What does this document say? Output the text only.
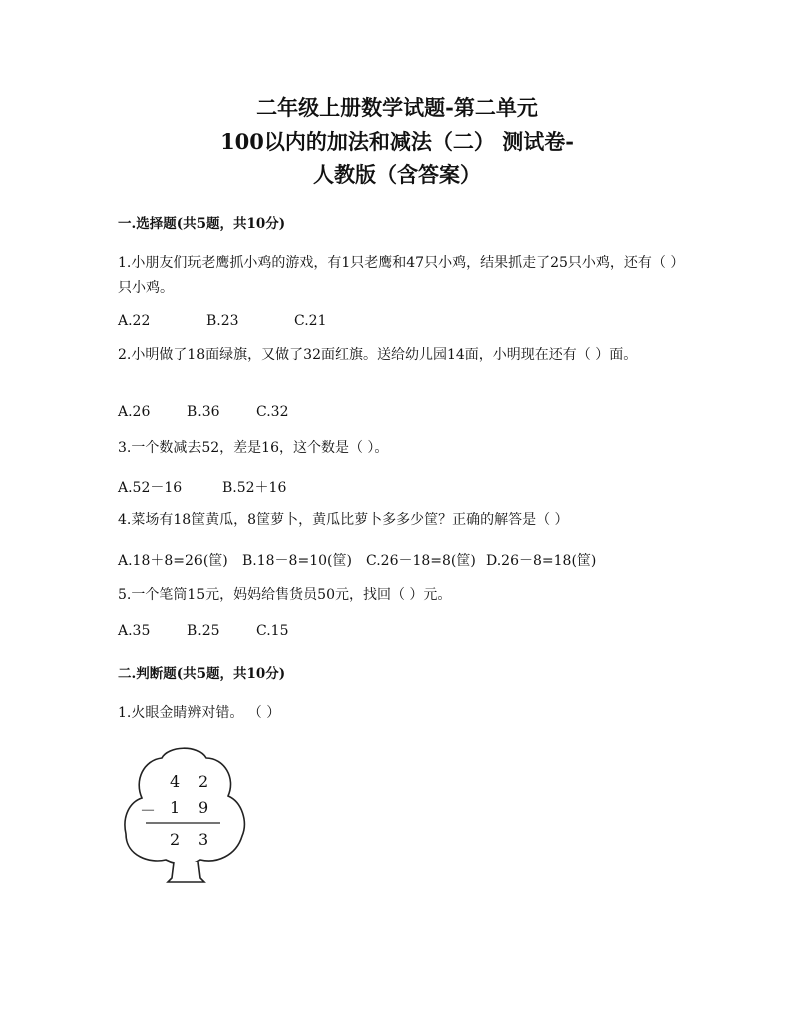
二年级上册数学试题-第二单元
100以内的加法和减法（二） 测试卷-
人教版（含答案）
一.选择题(共5题，共10分)
1.小朋友们玩老鹰抓小鸡的游戏，有1只老鹰和47只小鸡，结果抓走了25只小鸡，还有（ ）只小鸡。
A.22	B.23	C.21
2.小明做了18面绿旗，又做了32面红旗。送给幼儿园14面，小明现在还有（ ）面。
A.26	B.36	C.32
3.一个数减去52，差是16，这个数是（ ）。
A.52－16	B.52＋16
4.菜场有18筐黄瓜，8筐萝卜，黄瓜比萝卜多多少筐？正确的解答是（ ）
A.18＋8=26(筐) B.18－8=10(筐) C.26－18=8(筐) D.26－8=18(筐)
5.一个笔筒15元，妈妈给售货员50元，找回（ ）元。
A.35	B.25	C.15
二.判断题(共5题，共10分)
1.火眼金睛辨对错。 （ ）
4 2
－ 1 9
2 3
